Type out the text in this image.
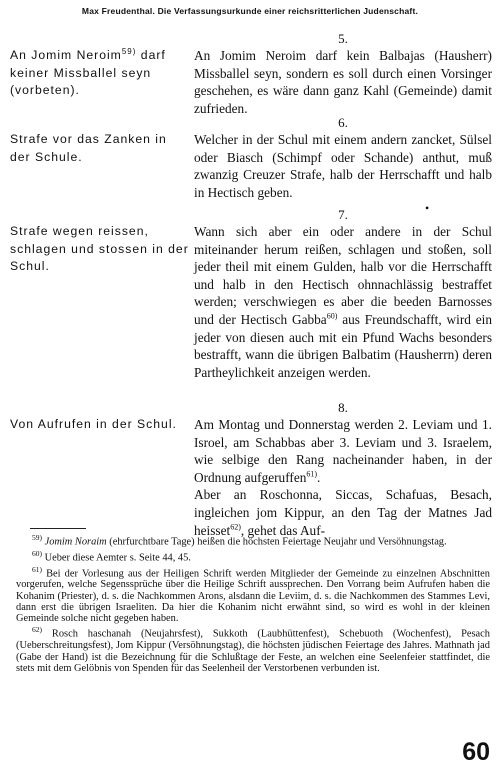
Max Freudenthal. Die Verfassungsurkunde einer reichsritterlichen Judenschaft.
5.
An Jomim Neroim$^{59)}$ darf keiner Missballel seyn (vorbeten).
An Jomim Neroim darf kein Balbajas (Hausherr) Missballel seyn, sondern es soll durch einen Vorsinger geschehen, es wäre dann ganz Kahl (Gemeinde) damit zufrieden.
6.
Strafe vor das Zanken in der Schule.
Welcher in der Schul mit einem andern zancket, Sülsel oder Biasch (Schimpf oder Schande) anthut, muß zwanzig Creuzer Strafe, halb der Herrschafft und halb in Hectisch geben.
•
7.
Strafe wegen reissen, schlagen und stossen in der Schul.
Wann sich aber ein oder andere in der Schul miteinander herum reißen, schlagen und stoßen, soll jeder theil mit einem Gulden, halb vor die Herrschafft und halb in den Hectisch ohnnachlässig bestraffet werden; verschwiegen es aber die beeden Barnosses und der Hectisch Gabba$^{60)}$ aus Freundschafft, wird ein jeder von diesen auch mit ein Pfund Wachs besonders bestrafft, wann die übrigen Balbatim (Hausherrn) deren Partheylichkeit anzeigen werden.
8.
Von Aufrufen in der Schul.	Am Montag und Donnerstag werden 2. Leviam und 1. Isroel, am Schabbas aber 3. Leviam und 3. Israelem, wie selbige den Rang nacheinander haben, in der Ordnung aufgeruffen$^{61)}$.
Aber an Roschonna, Siccas, Schafuas, Besach, ingleichen jom Kippur, an den Tag der Matnes Jad heisset$^{62)}$, gehet das Auf-

$^{59)}$ Jomim Noraim (ehrfurchtbare Tage) heißen die höchsten Feiertage Neujahr und Versöhnungstag.

$^{60)}$ Ueber diese Aemter s. Seite 44, 45.

$^{61)}$ Bei der Vorlesung aus der Heiligen Schrift werden Mitglieder der Gemeinde zu einzelnen Abschnitten vorgerufen, welche Segenssprüche über die Heilige Schrift aussprechen. Den Vorrang beim Aufrufen haben die Kohanim (Priester), d. s. die Nachkommen Arons, alsdann die Leviim, d. s. die Nachkommen des Stammes Levi, dann erst die übrigen Israeliten. Da hier die Kohanim nicht erwähnt sind, so wird es wohl in der kleinen Gemeinde solche nicht gegeben haben.

$^{62)}$ Rosch haschanah (Neujahrsfest), Sukkoth (Laubhüttenfest), Schebuoth (Wochenfest), Pesach (Ueberschreitungsfest), Jom Kippur (Versöhnungstag), die höchsten jüdischen Feiertage des Jahres. Mathnath jad (Gabe der Hand) ist die Bezeichnung für die Schlußtage der Feste, an welchen eine Seelenfeier stattfindet, die stets mit dem Gelöbnis von Spenden für das Seelenheil der Verstorbenen verbunden ist.

60
